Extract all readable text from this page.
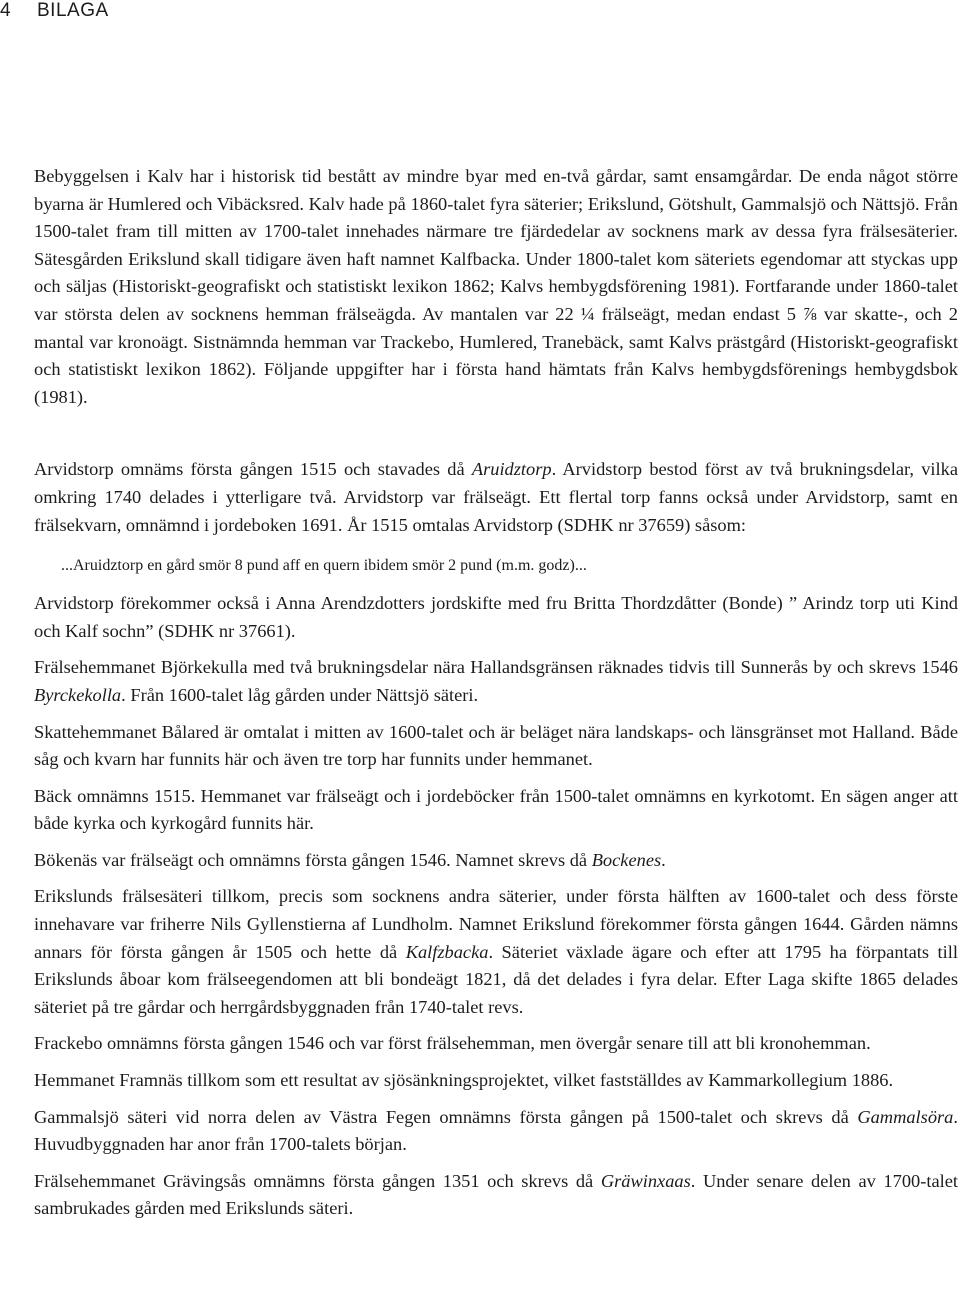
4 BILAGA

Bebyggelsen i Kalv har i historisk tid bestått av mindre byar med en-två gårdar, samt ensamgårdar. De enda något större byarna är Humlered och Vibäcksred. Kalv hade på 1860-talet fyra säterier; Erikslund, Götshult, Gammalsjö och Nättsjö. Från 1500-talet fram till mitten av 1700-talet innehades närmare tre fjärdedelar av socknens mark av dessa fyra frälsesäterier. Sätesgården Erikslund skall tidigare även haft namnet Kalfbacka. Under 1800-talet kom säteriets egendomar att styckas upp och säljas (Historiskt-geografiskt och statistiskt lexikon 1862; Kalvs hembygdsförening 1981). Fortfarande under 1860-talet var största delen av socknens hemman frälseägda. Av mantalen var 22 ¼ frälseägt, medan endast 5 ⅞ var skatte-, och 2 mantal var kronoägt. Sistnämnda hemman var Trackebo, Humlered, Tranebäck, samt Kalvs prästgård (Historiskt-geografiskt och statistiskt lexikon 1862). Följande uppgifter har i första hand hämtats från Kalvs hembygdsförenings hembygdsbok (1981).

Arvidstorp omnäms första gången 1515 och stavades då Aruidztorp. Arvidstorp bestod först av två brukningsdelar, vilka omkring 1740 delades i ytterligare två. Arvidstorp var frälseägt. Ett flertal torp fanns också under Arvidstorp, samt en frälsekvarn, omnämnd i jordeboken 1691. År 1515 omtalas Arvidstorp (SDHK nr 37659) såsom:

...Aruidztorp en gård smör 8 pund aff en quern ibidem smör 2 pund (m.m. godz)...

Arvidstorp förekommer också i Anna Arendzdotters jordskifte med fru Britta Thordzdåtter (Bonde) ” Arindz torp uti Kind och Kalf sochn” (SDHK nr 37661).

Frälsehemmanet Björkekulla med två brukningsdelar nära Hallandsgränsen räknades tidvis till Sunnerås by och skrevs 1546 Byrckekolla. Från 1600-talet låg gården under Nättsjö säteri.

Skattehemmanet Bålared är omtalat i mitten av 1600-talet och är beläget nära landskaps- och länsgränset mot Halland. Både såg och kvarn har funnits här och även tre torp har funnits under hemmanet.

Bäck omnämns 1515. Hemmanet var frälseägt och i jordeböcker från 1500-talet omnämns en kyrkotomt. En sägen anger att både kyrka och kyrkogård funnits här.

Bökenäs var frälseägt och omnämns första gången 1546. Namnet skrevs då Bockenes.

Erikslunds frälsesäteri tillkom, precis som socknens andra säterier, under första hälften av 1600-talet och dess förste innehavare var friherre Nils Gyllenstierna af Lundholm. Namnet Erikslund förekommer första gången 1644. Gården nämns annars för första gången år 1505 och hette då Kalfzbacka. Säteriet växlade ägare och efter att 1795 ha förpantats till Erikslunds åboar kom frälseegendomen att bli bondeägt 1821, då det delades i fyra delar. Efter Laga skifte 1865 delades säteriet på tre gårdar och herrgårdsbyggnaden från 1740-talet revs.

Frackebo omnämns första gången 1546 och var först frälsehemman, men övergår senare till att bli kronohemman.

Hemmanet Framnäs tillkom som ett resultat av sjösänkningsprojektet, vilket fastställdes av Kammarkollegium 1886.

Gammalsjö säteri vid norra delen av Västra Fegen omnämns första gången på 1500-talet och skrevs då Gammalsöra. Huvudbyggnaden har anor från 1700-talets början.

Frälsehemmanet Grävingsås omnämns första gången 1351 och skrevs då Gräwinxaas. Under senare delen av 1700-talet sambrukades gården med Erikslunds säteri.
